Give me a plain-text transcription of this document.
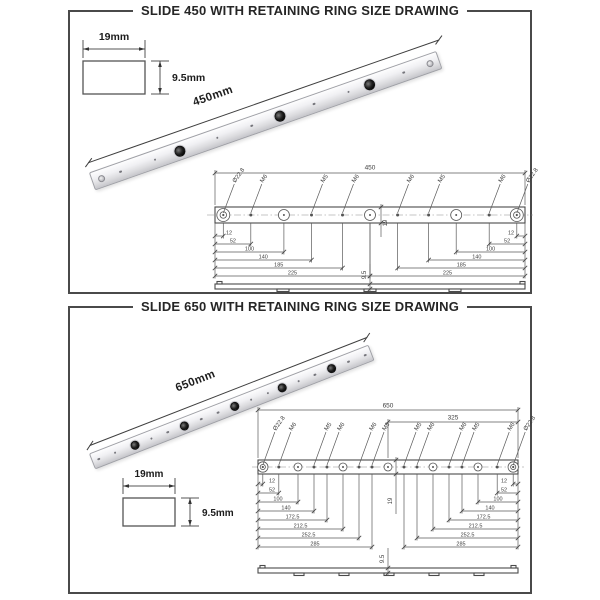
SLIDE 450 WITH RETAINING RING SIZE DRAWING
19mm
9.5mm
450mm
450
Ø22.8 M6	M5	M6	M6	M5	M6	Ø22.8
12
52
100
140
185
225
12
52
100
140
185
225
19
9.5
SLIDE 650 WITH RETAINING RING SIZE DRAWING
650mm
19mm
9.5mm
650
325
Ø22.8 M6	M5 M6	M6 M5	M5 M6	M6 M5	M6 Ø22.8
12
52
100
140
172.5
212.5
252.5
285
12
52
100
140
172.5
212.5
252.5
285
19
9.5
